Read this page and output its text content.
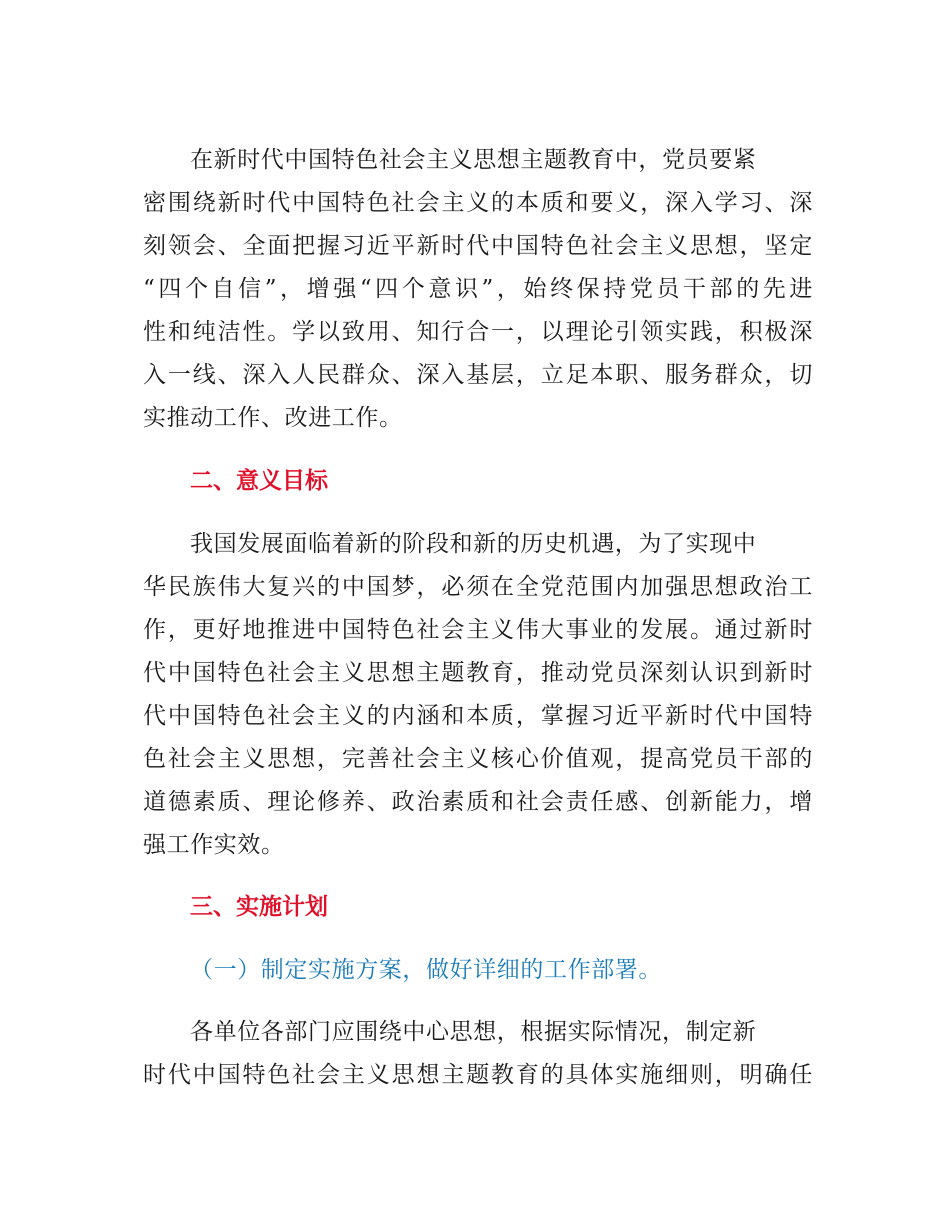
在新时代中国特色社会主义思想主题教育中，党员要紧
密围绕新时代中国特色社会主义的本质和要义，深入学习、深
刻领会、全面把握习近平新时代中国特色社会主义思想，坚定
“四个自信”，增强“四个意识”，始终保持党员干部的先进
性和纯洁性。学以致用、知行合一，以理论引领实践，积极深
入一线、深入人民群众、深入基层，立足本职、服务群众，切
实推动工作、改进工作。
二、意义目标
我国发展面临着新的阶段和新的历史机遇，为了实现中
华民族伟大复兴的中国梦，必须在全党范围内加强思想政治工
作，更好地推进中国特色社会主义伟大事业的发展。通过新时
代中国特色社会主义思想主题教育，推动党员深刻认识到新时
代中国特色社会主义的内涵和本质，掌握习近平新时代中国特
色社会主义思想，完善社会主义核心价值观，提高党员干部的
道德素质、理论修养、政治素质和社会责任感、创新能力，增
强工作实效。
三、实施计划
（一）制定实施方案，做好详细的工作部署。
各单位各部门应围绕中心思想，根据实际情况，制定新
时代中国特色社会主义思想主题教育的具体实施细则，明确任
